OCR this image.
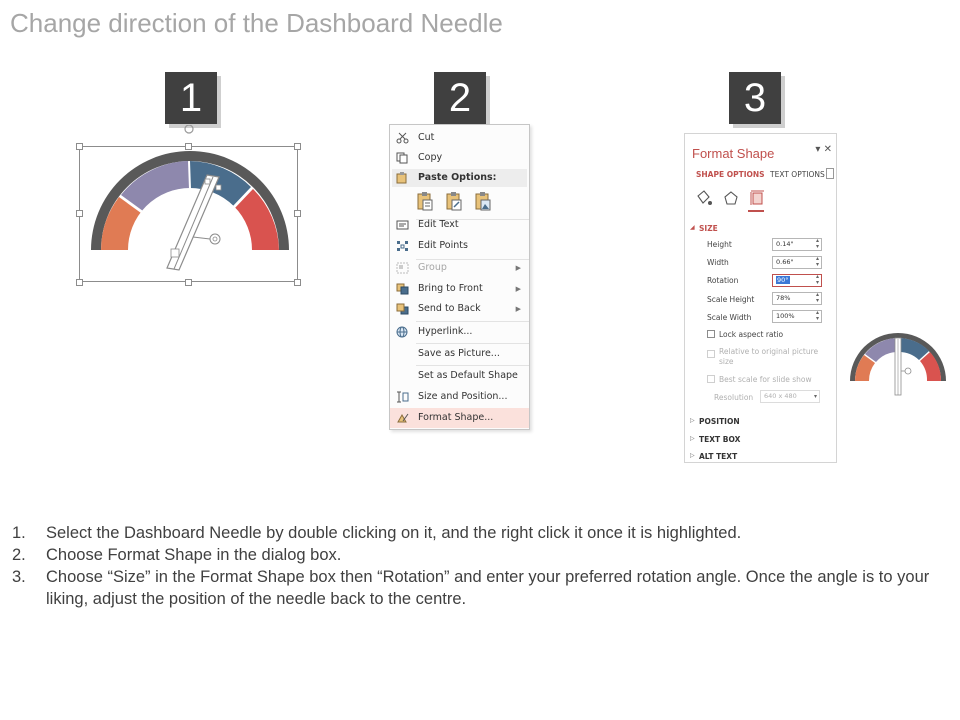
Change direction of the Dashboard Needle
1	2	3
Cut
Copy
Paste Options:

Edit Text
Edit Points
Group	▶
Bring to Front	▶
Send to Back	▶
Hyperlink...
Save as Picture...
Set as Default Shape
Size and Position...
Format Shape...
Format Shape	▾ ✕
SHAPE OPTIONS TEXT OPTIONS
◢ SIZE
Height	0.14"	▴
▾
Width	0.66"	▴
▾
Rotation	90°	▴
▾
Scale Height	78%	▴
▾
Scale Width	100%	▴
▾
Lock aspect ratio
Relative to original picture size
Best scale for slide show
Resolution	640 x 480	▾
▷ POSITION
▷ TEXT BOX
▷ ALT TEXT
1. Select the Dashboard Needle by double clicking on it, and the right click it once it is highlighted.
2. Choose Format Shape in the dialog box.
3. Choose “Size” in the Format Shape box then “Rotation” and enter your preferred rotation angle. Once the angle is to your liking, adjust the position of the needle back to the centre.
